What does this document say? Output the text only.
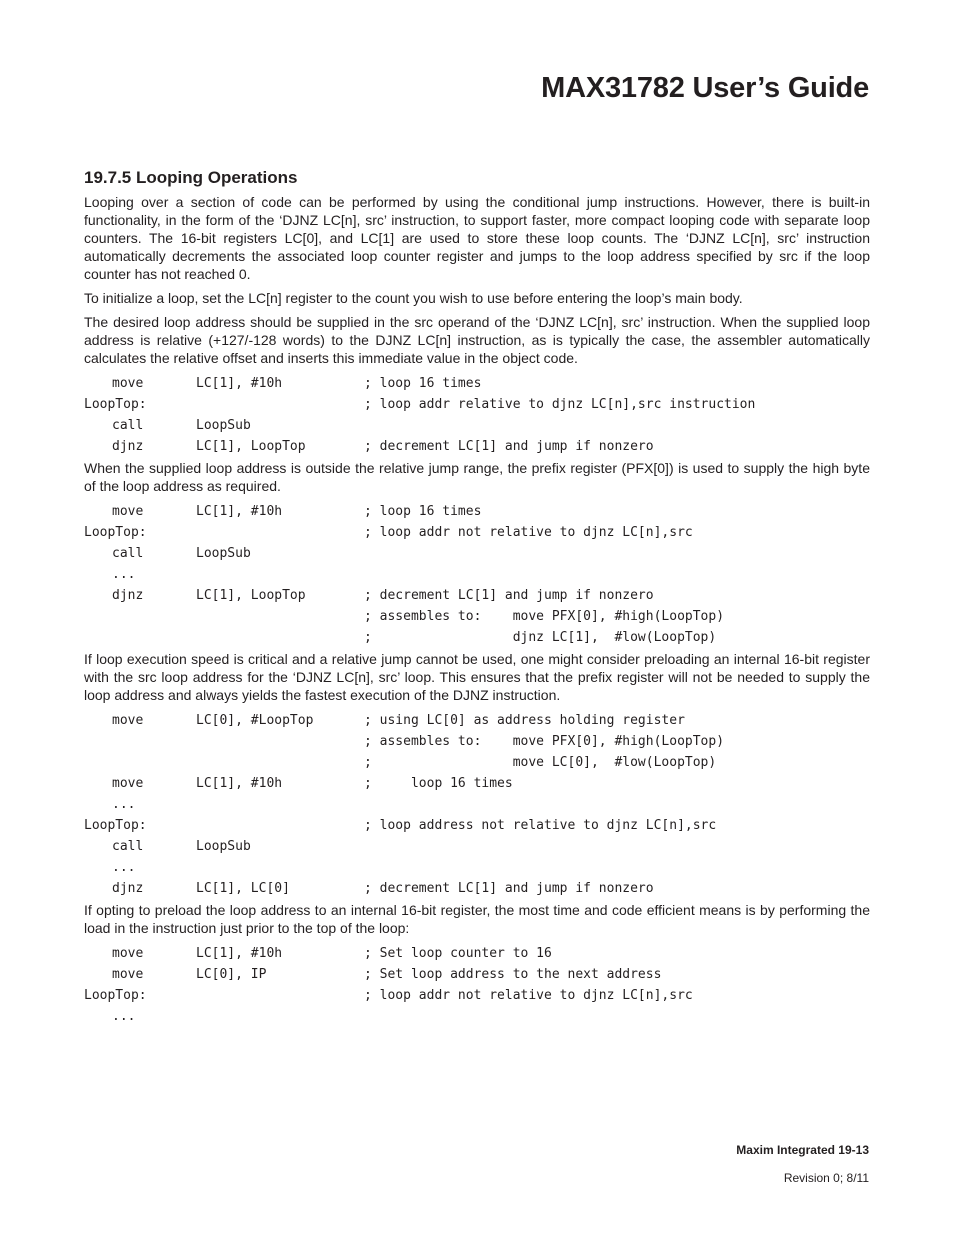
MAX31782 User’s Guide
19.7.5 Looping Operations

Looping over a section of code can be performed by using the conditional jump instructions. However, there is built-in functionality, in the form of the ‘DJNZ LC[n], src’ instruction, to support faster, more compact looping code with separate loop counters. The 16-bit registers LC[0], and LC[1] are used to store these loop counts. The ‘DJNZ LC[n], src’ instruction automatically decrements the associated loop counter register and jumps to the loop address specified by src if the loop counter has not reached 0.

To initialize a loop, set the LC[n] register to the count you wish to use before entering the loop’s main body.

The desired loop address should be supplied in the src operand of the ‘DJNZ LC[n], src’ instruction. When the supplied loop address is relative (+127/-128 words) to the DJNZ LC[n] instruction, as is typically the case, the assembler automatically calculates the relative offset and inserts this immediate value in the object code.

move	LC[1], #10h	; loop 16 times
LoopTop:	; loop addr relative to djnz LC[n],src instruction
call	LoopSub
djnz	LC[1], LoopTop	; decrement LC[1] and jump if nonzero

When the supplied loop address is outside the relative jump range, the prefix register (PFX[0]) is used to supply the high byte of the loop address as required.

move	LC[1], #10h	; loop 16 times
LoopTop:	; loop addr not relative to djnz LC[n],src
call	LoopSub
...
djnz	LC[1], LoopTop	; decrement LC[1] and jump if nonzero
; assembles to:    move PFX[0], #high(LoopTop)
;                  djnz LC[1],  #low(LoopTop)

If loop execution speed is critical and a relative jump cannot be used, one might consider preloading an internal 16-bit register with the src loop address for the ‘DJNZ LC[n], src’ loop. This ensures that the prefix register will not be needed to supply the loop address and always yields the fastest execution of the DJNZ instruction.

move	LC[0], #LoopTop	; using LC[0] as address holding register
; assembles to:    move PFX[0], #high(LoopTop)
;                  move LC[0],  #low(LoopTop)
move	LC[1], #10h	;     loop 16 times
...
LoopTop:	; loop address not relative to djnz LC[n],src
call	LoopSub
...
djnz	LC[1], LC[0]	; decrement LC[1] and jump if nonzero

If opting to preload the loop address to an internal 16-bit register, the most time and code efficient means is by performing the load in the instruction just prior to the top of the loop:

move	LC[1], #10h	; Set loop counter to 16
move	LC[0], IP	; Set loop address to the next address
LoopTop:	; loop addr not relative to djnz LC[n],src
...
Maxim Integrated 19-13
Revision 0; 8/11
